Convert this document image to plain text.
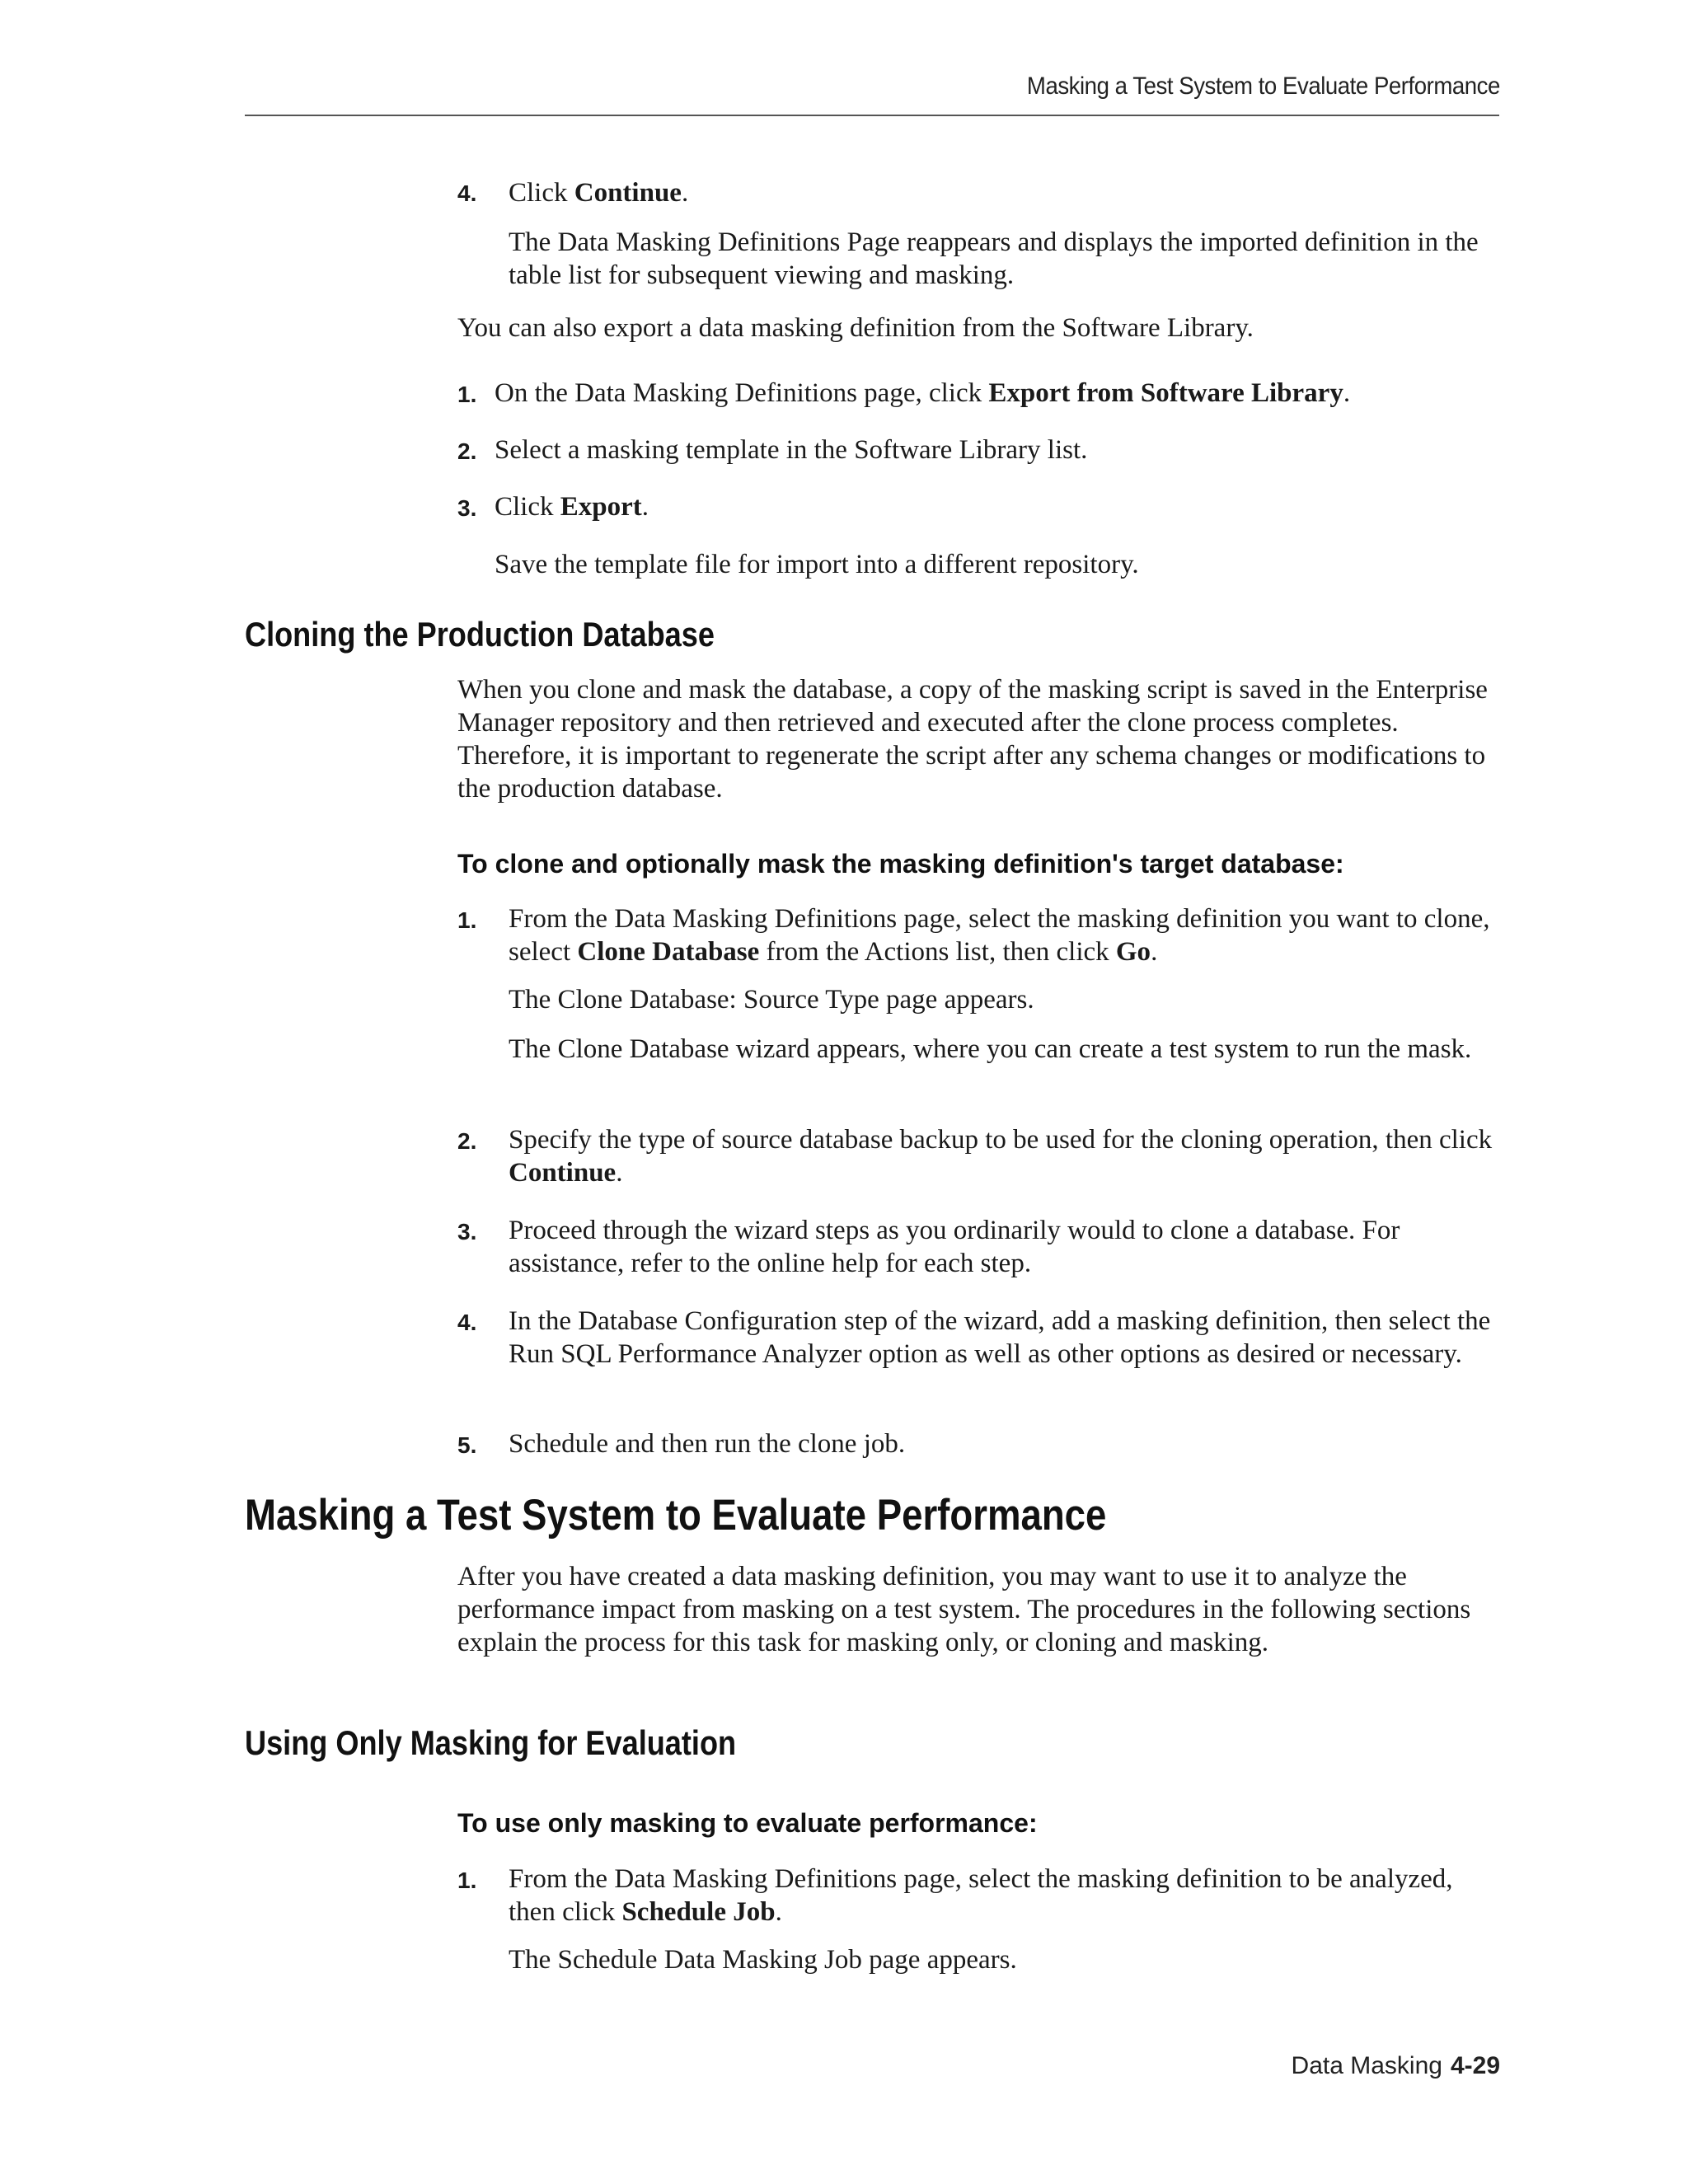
Masking a Test System to Evaluate Performance
4. Click Continue.
The Data Masking Definitions Page reappears and displays the imported definition in the table list for subsequent viewing and masking.
You can also export a data masking definition from the Software Library.
1. On the Data Masking Definitions page, click Export from Software Library.
2. Select a masking template in the Software Library list.
3. Click Export.
Save the template file for import into a different repository.
Cloning the Production Database
When you clone and mask the database, a copy of the masking script is saved in the Enterprise Manager repository and then retrieved and executed after the clone process completes. Therefore, it is important to regenerate the script after any schema changes or modifications to the production database.
To clone and optionally mask the masking definition's target database:
1. From the Data Masking Definitions page, select the masking definition you want to clone, select Clone Database from the Actions list, then click Go.
The Clone Database: Source Type page appears.
The Clone Database wizard appears, where you can create a test system to run the mask.
2. Specify the type of source database backup to be used for the cloning operation, then click Continue.
3. Proceed through the wizard steps as you ordinarily would to clone a database. For assistance, refer to the online help for each step.
4. In the Database Configuration step of the wizard, add a masking definition, then select the Run SQL Performance Analyzer option as well as other options as desired or necessary.
5. Schedule and then run the clone job.
Masking a Test System to Evaluate Performance
After you have created a data masking definition, you may want to use it to analyze the performance impact from masking on a test system. The procedures in the following sections explain the process for this task for masking only, or cloning and masking.
Using Only Masking for Evaluation
To use only masking to evaluate performance:
1. From the Data Masking Definitions page, select the masking definition to be analyzed, then click Schedule Job.
The Schedule Data Masking Job page appears.
Data Masking 4-29
